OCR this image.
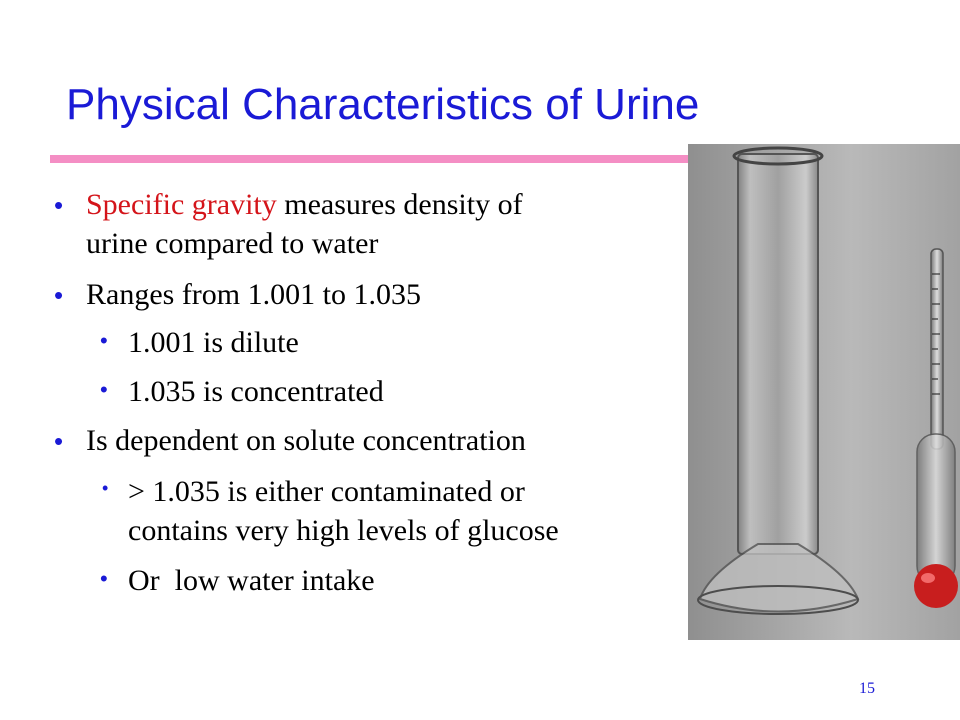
Physical Characteristics of Urine
• Specific gravity measures density of
urine compared to water
• Ranges from 1.001 to 1.035
• 1.001 is dilute
• 1.035 is concentrated
• Is dependent on solute concentration
• > 1.035 is either contaminated or
contains very high levels of glucose
• Or  low water intake
15
